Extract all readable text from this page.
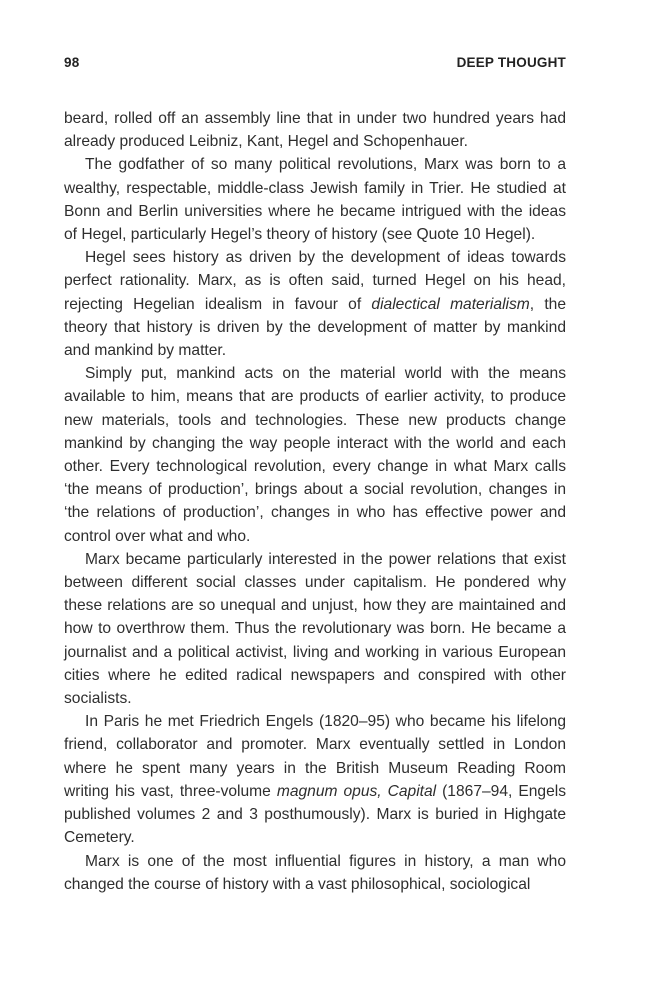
98	DEEP THOUGHT

beard, rolled off an assembly line that in under two hundred years had already produced Leibniz, Kant, Hegel and Schopenhauer.

The godfather of so many political revolutions, Marx was born to a wealthy, respectable, middle-class Jewish family in Trier. He studied at Bonn and Berlin universities where he became intrigued with the ideas of Hegel, particularly Hegel’s theory of history (see Quote 10 Hegel).

Hegel sees history as driven by the development of ideas towards perfect rationality. Marx, as is often said, turned Hegel on his head, rejecting Hegelian idealism in favour of dialectical materialism, the theory that history is driven by the development of matter by mankind and mankind by matter.

Simply put, mankind acts on the material world with the means available to him, means that are products of earlier activity, to produce new materials, tools and technologies. These new products change mankind by changing the way people interact with the world and each other. Every technological revolution, every change in what Marx calls ‘the means of production’, brings about a social revolution, changes in ‘the relations of production’, changes in who has effective power and control over what and who.

Marx became particularly interested in the power relations that exist between different social classes under capitalism. He pondered why these relations are so unequal and unjust, how they are maintained and how to overthrow them. Thus the revolutionary was born. He became a journalist and a political activist, living and working in various European cities where he edited radical newspapers and conspired with other socialists.

In Paris he met Friedrich Engels (1820–95) who became his lifelong friend, collaborator and promoter. Marx eventually settled in London where he spent many years in the British Museum Reading Room writing his vast, three-volume magnum opus, Capital (1867–94, Engels published volumes 2 and 3 posthumously). Marx is buried in Highgate Cemetery.

Marx is one of the most influential figures in history, a man who changed the course of history with a vast philosophical, sociological
